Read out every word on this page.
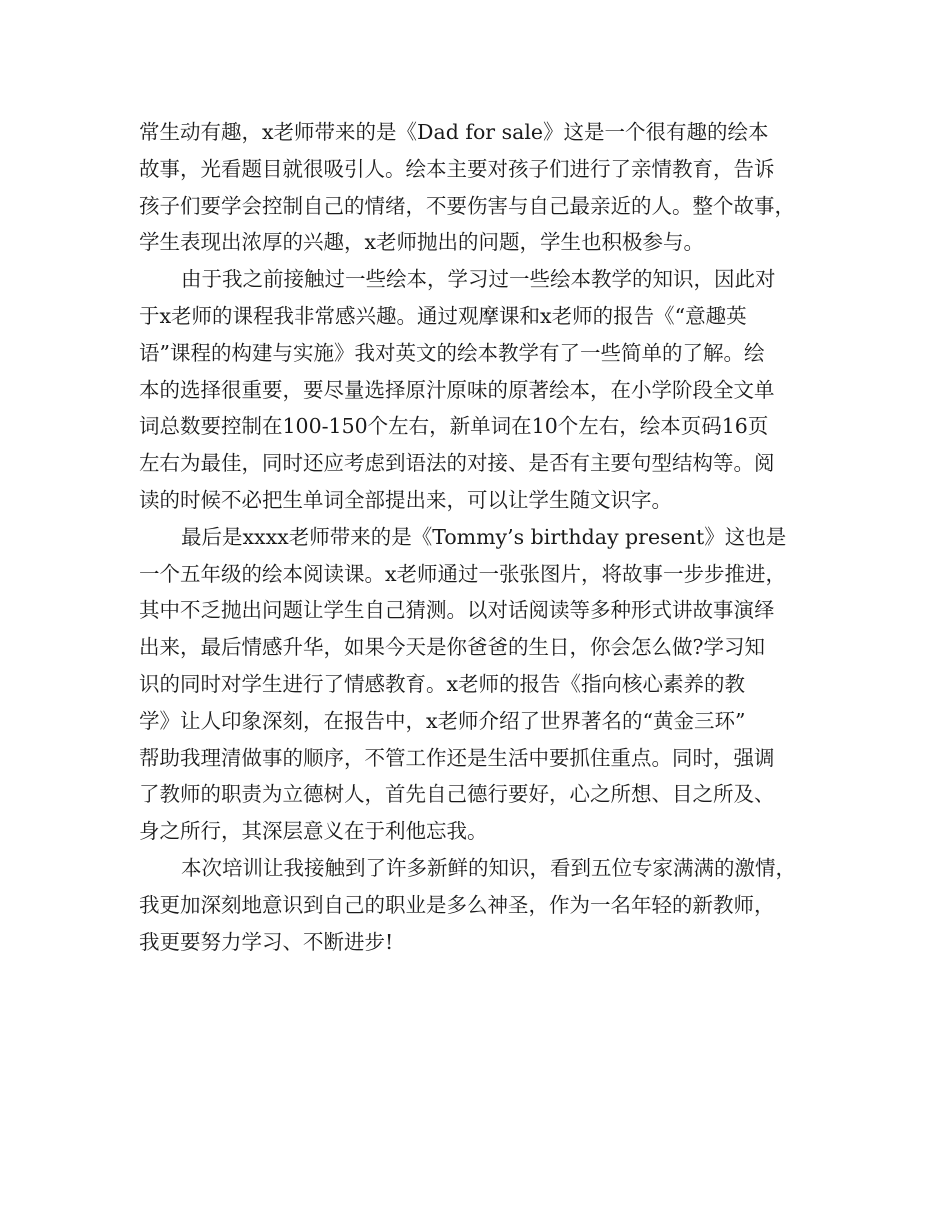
常生动有趣，x老师带来的是《Dad for sale》这是一个很有趣的绘本
故事，光看题目就很吸引人。绘本主要对孩子们进行了亲情教育，告诉
孩子们要学会控制自己的情绪，不要伤害与自己最亲近的人。整个故事，
学生表现出浓厚的兴趣，x老师抛出的问题，学生也积极参与。

由于我之前接触过一些绘本，学习过一些绘本教学的知识，因此对
于x老师的课程我非常感兴趣。通过观摩课和x老师的报告《“意趣英
语”课程的构建与实施》我对英文的绘本教学有了一些简单的了解。绘
本的选择很重要，要尽量选择原汁原味的原著绘本，在小学阶段全文单
词总数要控制在100-150个左右，新单词在10个左右，绘本页码16页
左右为最佳，同时还应考虑到语法的对接、是否有主要句型结构等。阅
读的时候不必把生单词全部提出来，可以让学生随文识字。

最后是xxxx老师带来的是《Tommy’s birthday present》这也是
一个五年级的绘本阅读课。x老师通过一张张图片，将故事一步步推进，
其中不乏抛出问题让学生自己猜测。以对话阅读等多种形式讲故事演绎
出来，最后情感升华，如果今天是你爸爸的生日，你会怎么做?学习知
识的同时对学生进行了情感教育。x老师的报告《指向核心素养的教
学》让人印象深刻，在报告中，x老师介绍了世界著名的“黄金三环”
帮助我理清做事的顺序，不管工作还是生活中要抓住重点。同时，强调
了教师的职责为立德树人，首先自己德行要好，心之所想、目之所及、
身之所行，其深层意义在于利他忘我。

本次培训让我接触到了许多新鲜的知识，看到五位专家满满的激情，
我更加深刻地意识到自己的职业是多么神圣，作为一名年轻的新教师，
我更要努力学习、不断进步!
